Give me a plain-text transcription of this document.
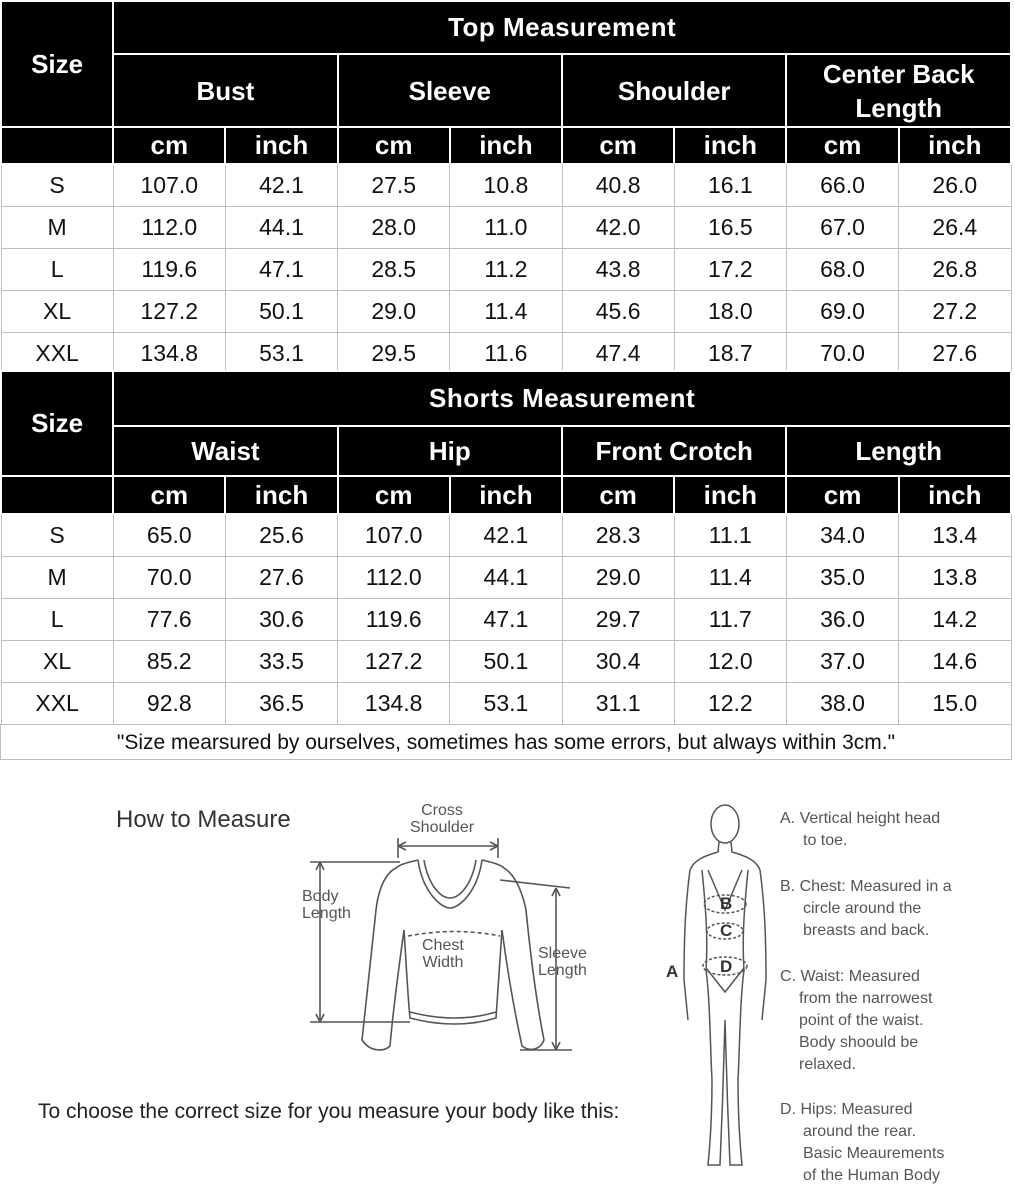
Size	Top Measurement							
	Bust		Sleeve		Shoulder		Center Back Length	
	cm	inch	cm	inch	cm	inch	cm	inch
S	107.0	42.1	27.5	10.8	40.8	16.1	66.0	26.0
M	112.0	44.1	28.0	11.0	42.0	16.5	67.0	26.4
L	119.6	47.1	28.5	11.2	43.8	17.2	68.0	26.8
XL	127.2	50.1	29.0	11.4	45.6	18.0	69.0	27.2
XXL	134.8	53.1	29.5	11.6	47.4	18.7	70.0	27.6
Size	Shorts Measurement							
	Waist		Hip		Front Crotch		Length	
	cm	inch	cm	inch	cm	inch	cm	inch
S	65.0	25.6	107.0	42.1	28.3	11.1	34.0	13.4
M	70.0	27.6	112.0	44.1	29.0	11.4	35.0	13.8
L	77.6	30.6	119.6	47.1	29.7	11.7	36.0	14.2
XL	85.2	33.5	127.2	50.1	30.4	12.0	37.0	14.6
XXL	92.8	36.5	134.8	53.1	31.1	12.2	38.0	15.0
"Size mearsured by ourselves, sometimes has some errors, but always within 3cm."
How to Measure	Cross
Shoulder
Body
Length
Chest
Width
Sleeve
Length
To choose the correct size for you measure your body like this:
A
B
C
D
A. Vertical height head
to toe.
B. Chest: Measured in a
circle around the
breasts and back.
C. Waist: Measured
from the narrowest
point of the waist.
Body shoould be
relaxed.
D. Hips: Measured
around the rear.
Basic Meaurements
of the Human Body
